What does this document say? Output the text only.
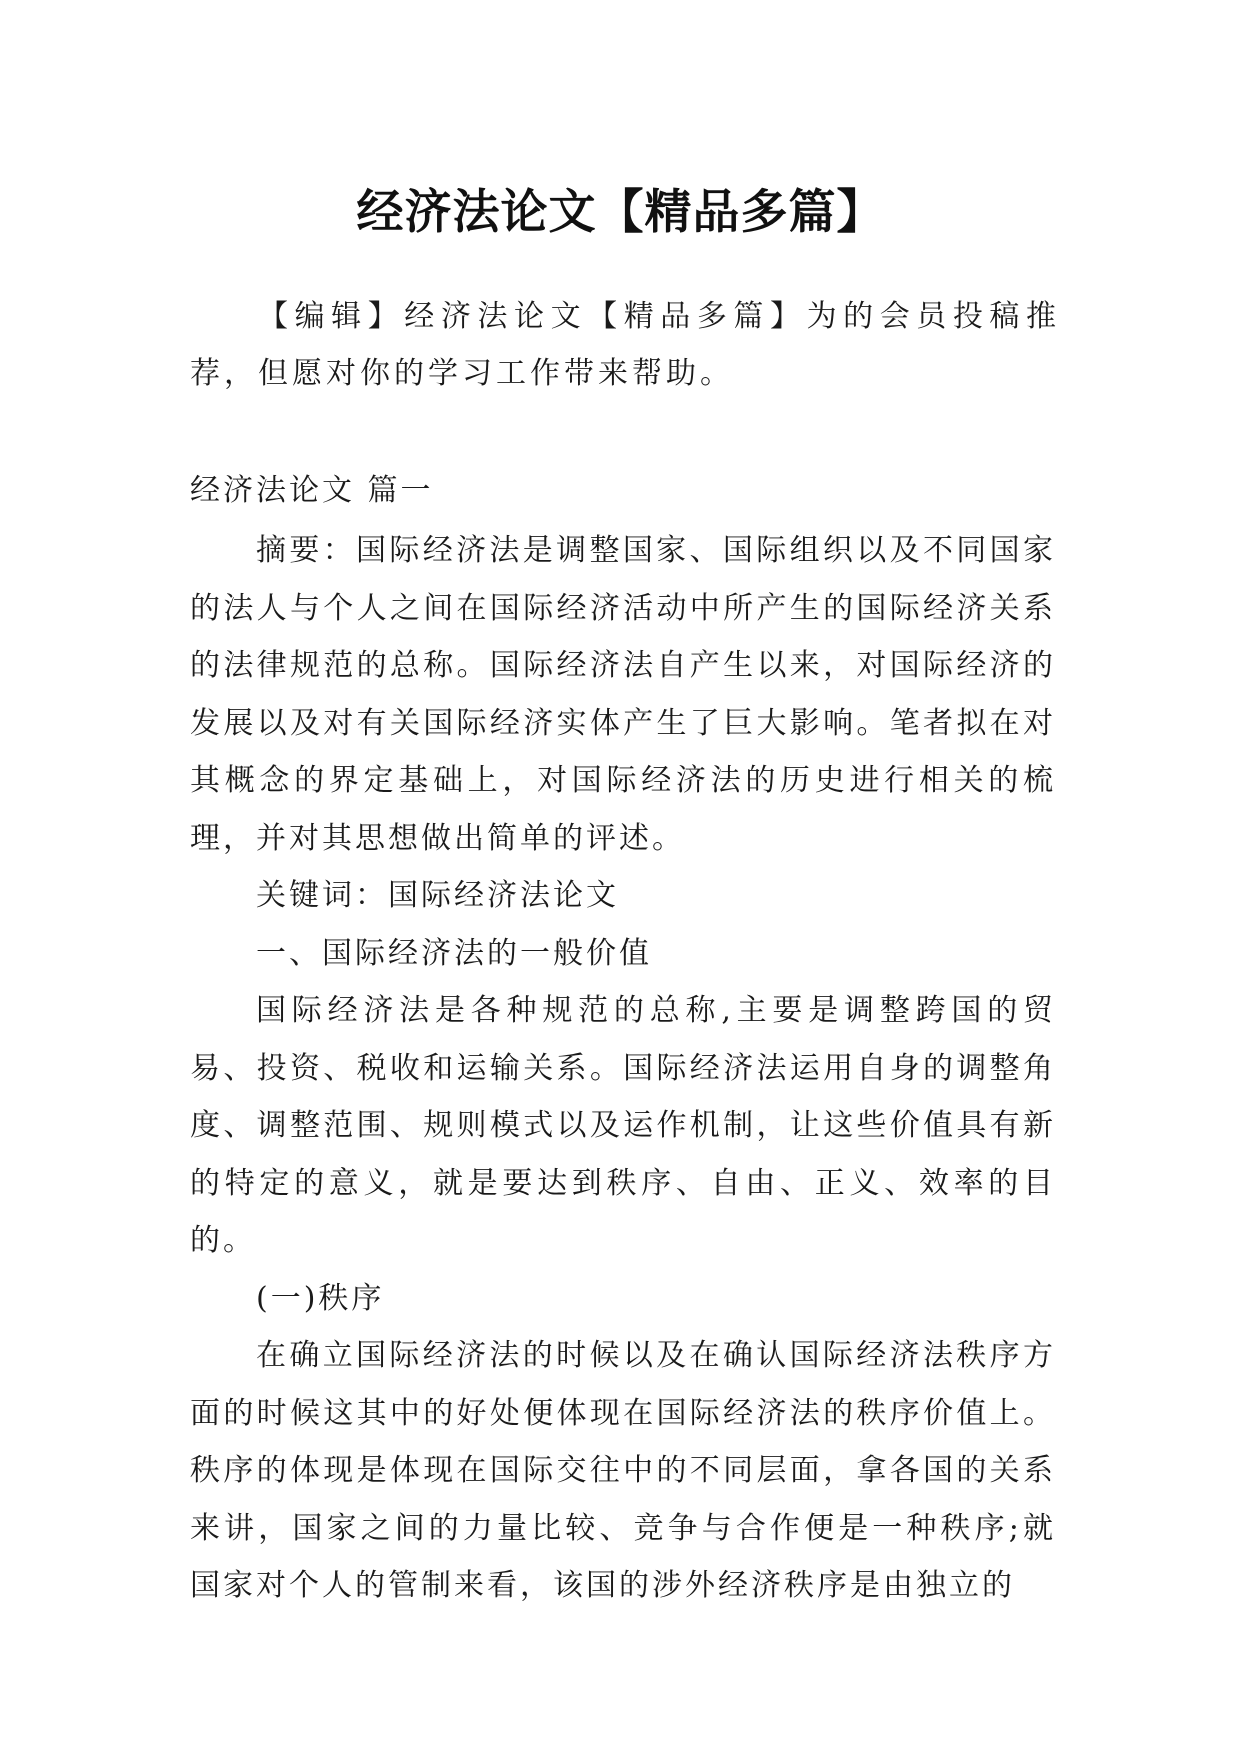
经济法论文【精品多篇】

【编辑】经济法论文【精品多篇】为的会员投稿推荐，但愿对你的学习工作带来帮助。

经济法论文 篇一

摘要：国际经济法是调整国家、国际组织以及不同国家的法人与个人之间在国际经济活动中所产生的国际经济关系的法律规范的总称。国际经济法自产生以来，对国际经济的发展以及对有关国际经济实体产生了巨大影响。笔者拟在对其概念的界定基础上，对国际经济法的历史进行相关的梳理，并对其思想做出简单的评述。

关键词：国际经济法论文

一、国际经济法的一般价值

国际经济法是各种规范的总称,主要是调整跨国的贸易、投资、税收和运输关系。国际经济法运用自身的调整角度、调整范围、规则模式以及运作机制，让这些价值具有新的特定的意义，就是要达到秩序、自由、正义、效率的目的。

(一)秩序

在确立国际经济法的时候以及在确认国际经济法秩序方面的时候这其中的好处便体现在国际经济法的秩序价值上。秩序的体现是体现在国际交往中的不同层面，拿各国的关系来讲，国家之间的力量比较、竞争与合作便是一种秩序;就国家对个人的管制来看，该国的涉外经济秩序是由独立的
